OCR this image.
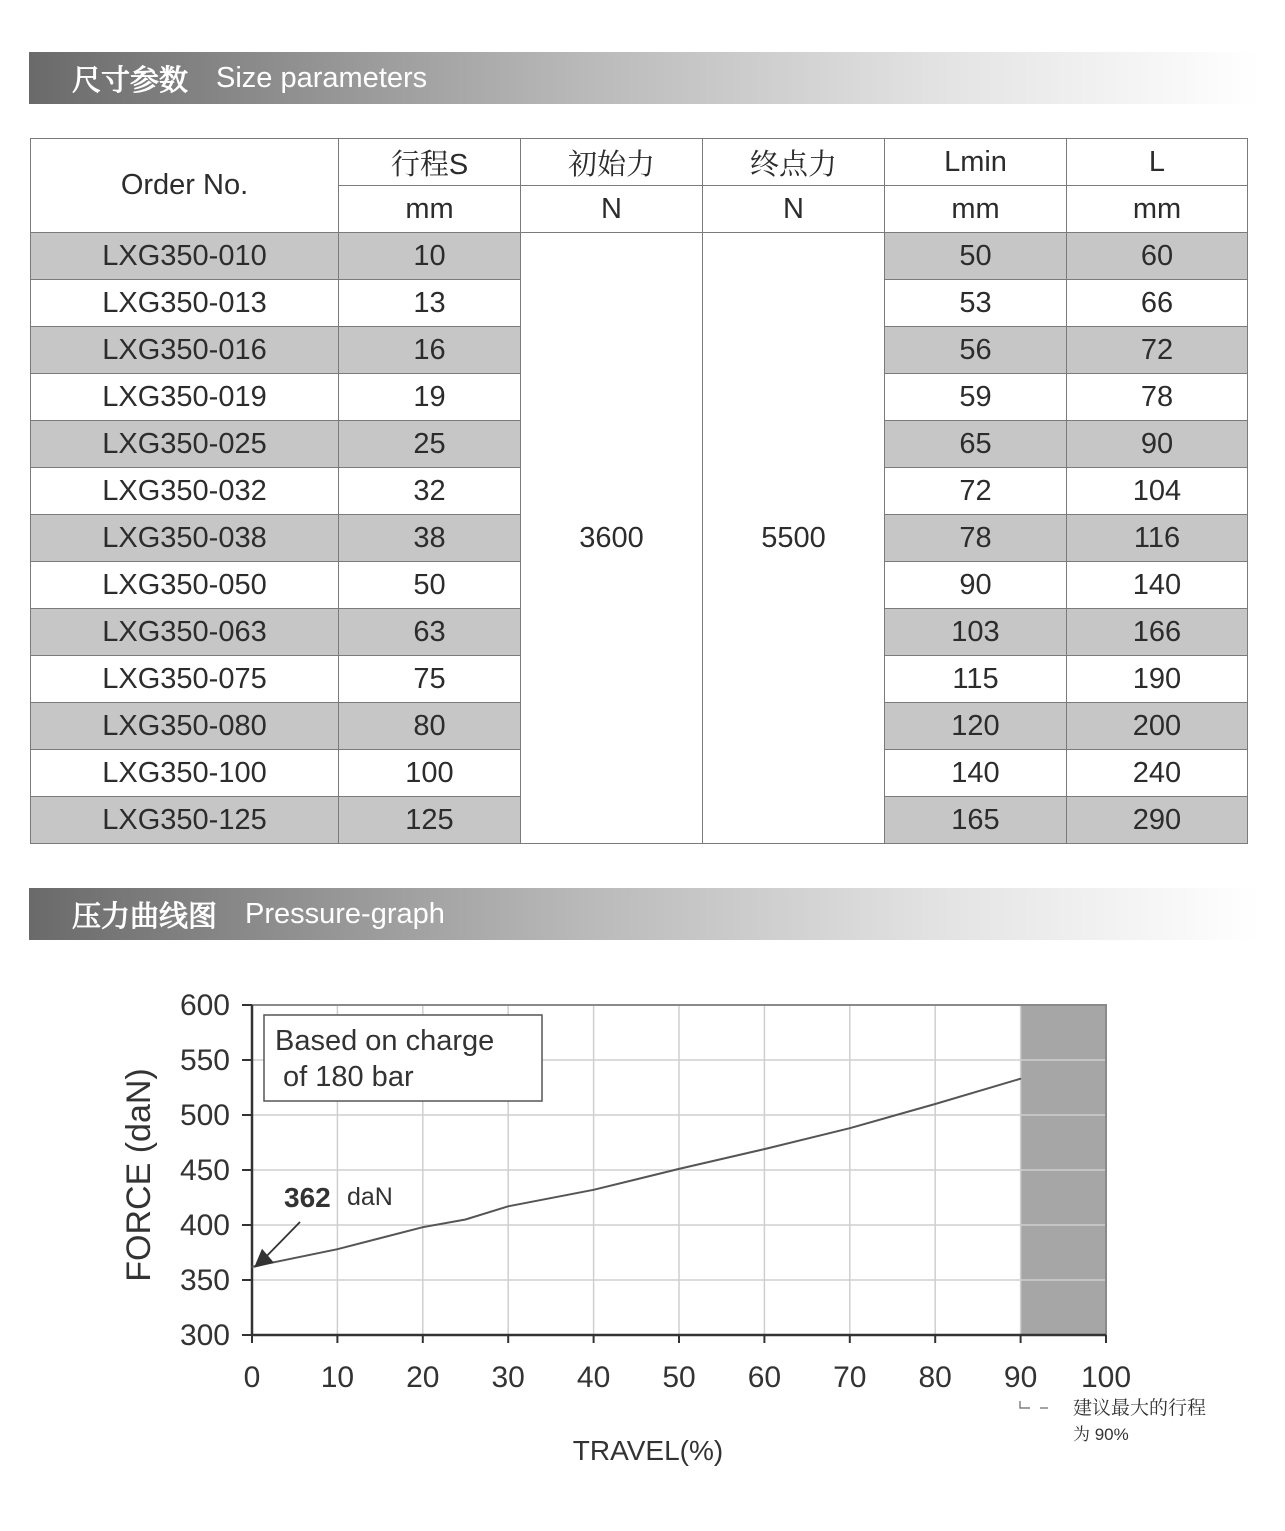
尺寸参数 Size parameters
Order No.	行程S	初始力	终点力	Lmin	L
	mm	N	N	mm	mm
LXG350-010	10	3600	5500	50	60
LXG350-013	13			53	66
LXG350-016	16			56	72
LXG350-019	19			59	78
LXG350-025	25			65	90
LXG350-032	32			72	104
LXG350-038	38			78	116
LXG350-050	50			90	140
LXG350-063	63			103	166
LXG350-075	75			115	190
LXG350-080	80			120	200
LXG350-100	100			140	240
LXG350-125	125			165	290
压力曲线图 Pressure-graph
0 10 20 30 40 50 60 70 80 90 100
300
350
400
450
500
550
600
TRAVEL(%)
FORCE (daN)
Based on charge
of 180 bar
362 daN
建议最大的行程
为 90%
